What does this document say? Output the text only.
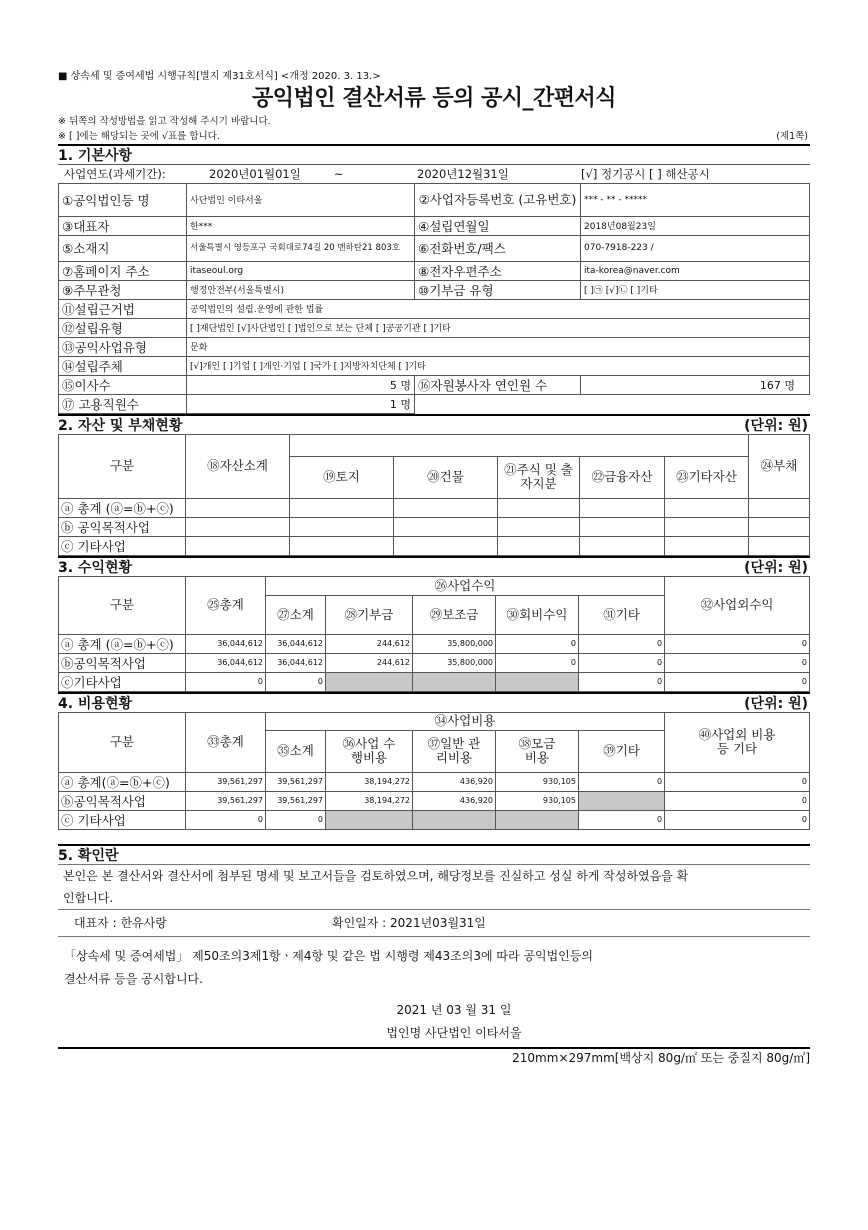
■ 상속세 및 증여세법 시행규칙[별지 제31호서식] <개정 2020. 3. 13.>
공익법인 결산서류 등의 공시_간편서식
※ 뒤쪽의 작성방법을 읽고 작성해 주시기 바랍니다.
※ [ ]에는 해당되는 곳에 √표를 합니다.	(제1쪽)
1. 기본사항
사업연도(과세기간):	2020년01월01일	~	2020년12월31일	[√] 정기공시 [ ] 해산공시
①공익법인등 명	사단법인 이타서울	②사업자등록번호 (고유번호)	*** - ** - *****
③대표자	한***	④설립연월일	2018년08월23일
⑤소재지	서울특별시 영등포구 국회대로74길 20 맨하탄21 803호	⑥전화번호/팩스	070-7918-223 /
⑦홈페이지 주소	itaseoul.org	⑧전자우편주소	ita-korea@naver.com
⑨주무관청	행정안전부(서울특별시)	⑩기부금 유형	[ ]㉠ [√]㉡ [ ]기타
⑪설립근거법	공익법인의 설립.운영에 관한 법률		
⑫설립유형	[ ]재단법인 [√]사단법인 [ ]법인으로 보는 단체 [ ]공공기관 [ ]기타		
⑬공익사업유형	문화		
⑭설립주체	[√]개인 [ ]기업 [ ]개인·기업 [ ]국가 [ ]지방자치단체 [ ]기타		
⑮이사수	5 명	⑯자원봉사자 연인원 수	167 명
⑰ 고용직원수	1 명		
2. 자산 및 부채현황	(단위: 원)
구분	⑱자산소계						㉔부채
		⑲토지	⑳건물	㉑주식 및 출자지분	㉒금융자산	㉓기타자산	
ⓐ 총계 (ⓐ=ⓑ+ⓒ)							
ⓑ 공익목적사업							
ⓒ 기타사업							
3. 수익현황	(단위: 원)
구분	㉕총계	㉖사업수익					㉜사업외수익
		㉗소계	㉘기부금	㉙보조금	㉚회비수익	㉛기타	
ⓐ 총계 (ⓐ=ⓑ+ⓒ)	36,044,612	36,044,612	244,612	35,800,000	0	0	0
ⓑ공익목적사업	36,044,612	36,044,612	244,612	35,800,000	0	0	0
ⓒ기타사업	0	0				0	0
4. 비용현황	(단위: 원)
구분	㉝총계	㉞사업비용					㊵사업외 비용 등 기타
		㉟소계	㊱사업 수행비용	㊲일반 관리비용	㊳모금 비용	㊴기타	
ⓐ 총계(ⓐ=ⓑ+ⓒ)	39,561,297	39,561,297	38,194,272	436,920	930,105	0	0
ⓑ공익목적사업	39,561,297	39,561,297	38,194,272	436,920	930,105		0
ⓒ 기타사업	0	0				0	0
5. 확인란
본인은 본 결산서와 결산서에 첨부된 명세 및 보고서들을 검토하였으며, 해당정보를 진실하고 성실 하게 작성하였음을 확
인합니다.
대표자 : 한유사랑	확인일자 : 2021년03월31일
「상속세 및 증여세법」 제50조의3제1항ㆍ제4항 및 같은 법 시행령 제43조의3에 따라 공익법인등의
결산서류 등을 공시합니다.
2021 년 03 월 31 일
법인명 사단법인 이타서울
210mm×297mm[백상지 80g/㎡ 또는 중질지 80g/㎡]
